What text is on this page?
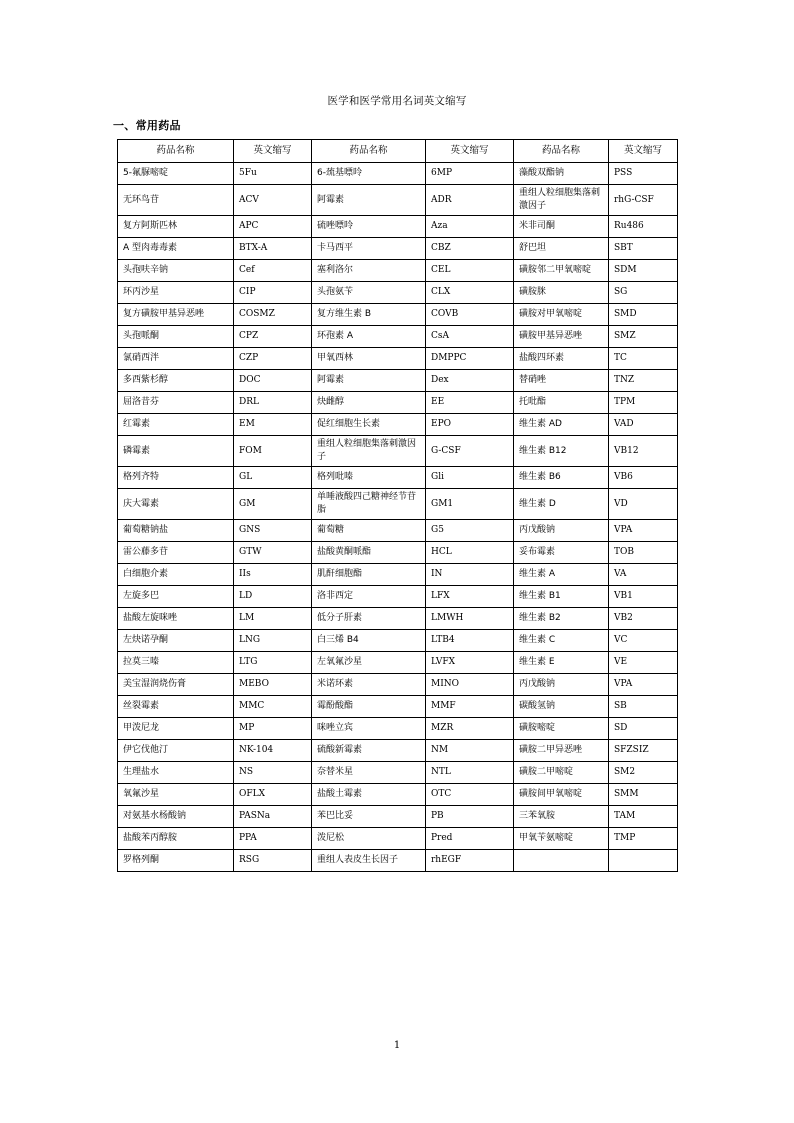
医学和医学常用名词英文缩写
一、常用药品
药品名称	英文缩写	药品名称	英文缩写	药品名称	英文缩写
5-氟脲嘧啶	5Fu	6-巯基嘌呤	6MP	藻酸双酯钠	PSS
无环鸟苷	ACV	阿霉素	ADR	重组人粒细胞集落刺激因子	rhG-CSF
复方阿斯匹林	APC	硫唑嘌呤	Aza	米非司酮	Ru486
A 型肉毒毒素	BTX-A	卡马西平	CBZ	舒巴坦	SBT
头孢呋辛钠	Cef	塞利洛尔	CEL	磺胺邻二甲氧嘧啶	SDM
环丙沙星	CIP	头孢氨苄	CLX	磺胺脒	SG
复方磺胺甲基异恶唑	COSMZ	复方维生素 B	COVB	磺胺对甲氧嘧啶	SMD
头孢哌酮	CPZ	环孢素 A	CsA	磺胺甲基异恶唑	SMZ
氯硝西泮	CZP	甲氧西林	DMPPC	盐酸四环素	TC
多西紫杉醇	DOC	阿霉素	Dex	替硝唑	TNZ
屈洛昔芬	DRL	炔雌醇	EE	托吡酯	TPM
红霉素	EM	促红细胞生长素	EPO	维生素 AD	VAD
磷霉素	FOM	重组人粒细胞集落刺激因子	G-CSF	维生素 B12	VB12
格列齐特	GL	格列吡嗪	Gli	维生素 B6	VB6
庆大霉素	GM	单唾液酸四己糖神经节苷脂	GM1	维生素 D	VD
葡萄糖钠盐	GNS	葡萄糖	G5	丙戊酸钠	VPA
雷公藤多苷	GTW	盐酸黄酮哌酯	HCL	妥布霉素	TOB
白细胞介素	IIs	肌酐细胞酯	IN	维生素 A	VA
左旋多巴	LD	洛非西定	LFX	维生素 B1	VB1
盐酸左旋咪唑	LM	低分子肝素	LMWH	维生素 B2	VB2
左炔诺孕酮	LNG	白三烯 B4	LTB4	维生素 C	VC
拉莫三嗪	LTG	左氧氟沙星	LVFX	维生素 E	VE
美宝湿润烧伤膏	MEBO	米诺环素	MINO	丙戊酸钠	VPA
丝裂霉素	MMC	霉酚酸酯	MMF	碳酸氢钠	SB
甲泼尼龙	MP	咪唑立宾	MZR	磺胺嘧啶	SD
伊它伐他汀	NK-104	硫酸新霉素	NM	磺胺二甲异恶唑	SFZSIZ
生理盐水	NS	奈替米星	NTL	磺胺二甲嘧啶	SM2
氧氟沙星	OFLX	盐酸土霉素	OTC	磺胺间甲氧嘧啶	SMM
对氨基水杨酸钠	PASNa	苯巴比妥	PB	三苯氧胺	TAM
盐酸苯丙醇胺	PPA	泼尼松	Pred	甲氧苄氨嘧啶	TMP
罗格列酮	RSG	重组人表皮生长因子	rhEGF		
1
